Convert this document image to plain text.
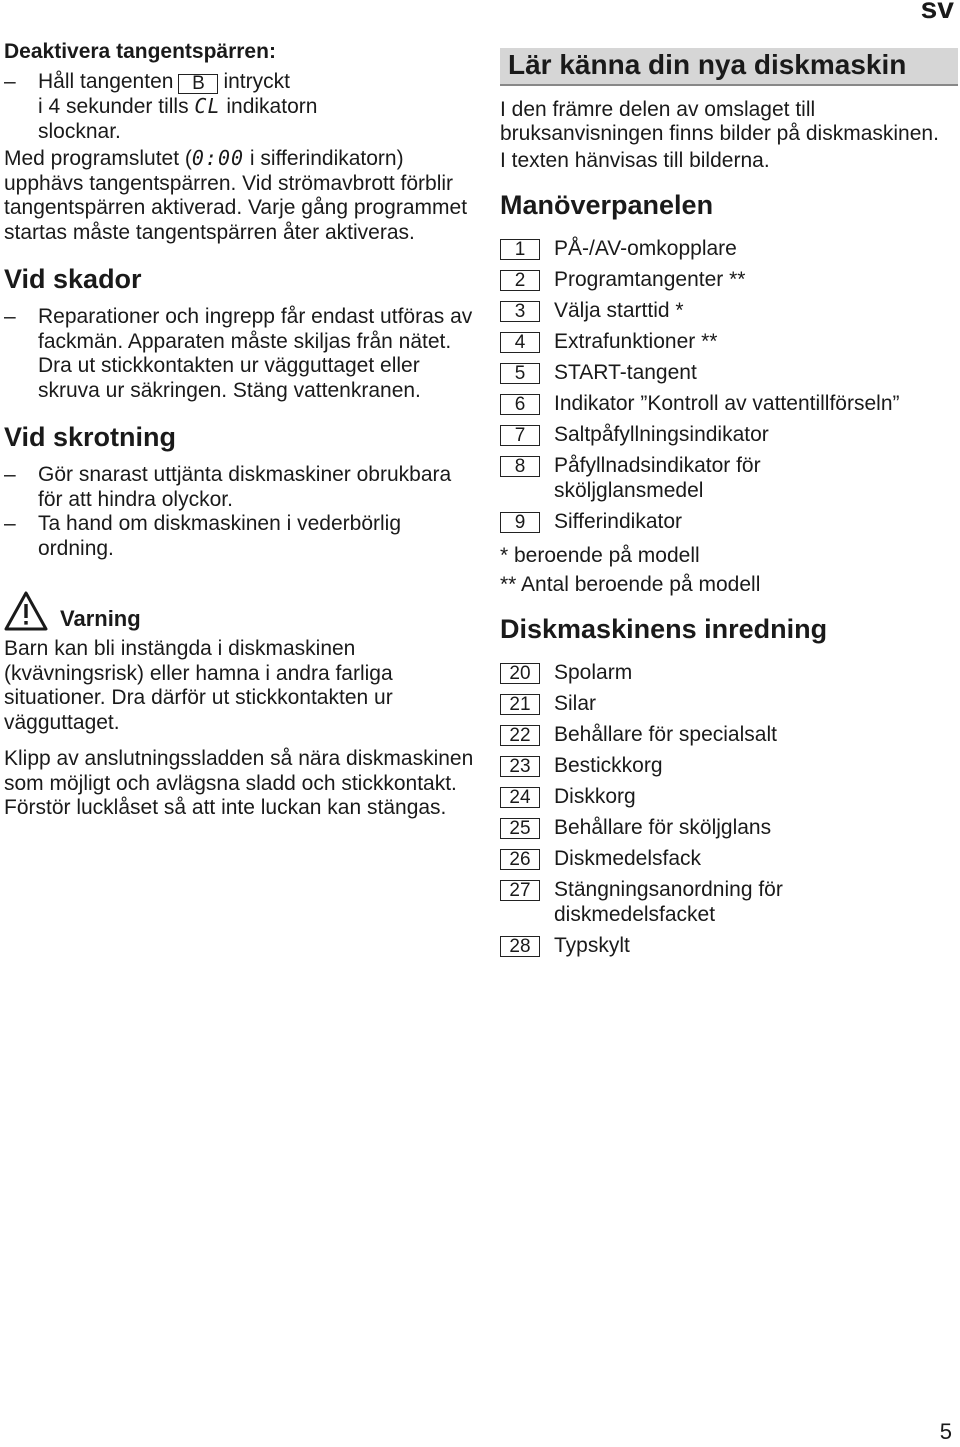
sv
Deaktivera tangentspärren:
–	Håll tangenten B intryckt
i 4 sekunder tills CL indikatorn
slocknar.

Med programslutet (0:00 i sifferindikatorn) upphävs tangentspärren. Vid strömavbrott förblir tangentspärren aktiverad. Varje gång programmet startas måste tangentspärren åter aktiveras.

Vid skador
–	Reparationer och ingrepp får endast utföras av fackmän. Apparaten måste skiljas från nätet. Dra ut stickkontakten ur vägguttaget eller skruva ur säkringen. Stäng vattenkranen.
Vid skrotning
–	Gör snarast uttjänta diskmaskiner obrukbara för att hindra olyckor.
–	Ta hand om diskmaskinen i vederbörlig ordning.
Varning

Barn kan bli instängda i diskmaskinen (kvävningsrisk) eller hamna i andra farliga situationer. Dra därför ut stickkontakten ur vägguttaget.

Klipp av anslutningssladden så nära diskmaskinen som möjligt och avlägsna sladd och stickkontakt. Förstör lucklåset så att inte luckan kan stängas.

Lär känna din nya diskmaskin

I den främre delen av omslaget till bruksanvisningen finns bilder på diskmaskinen.

I texten hänvisas till bilderna.

Manöverpanelen
1	PÅ-/AV-omkopplare
2	Programtangenter **
3	Välja starttid *
4	Extrafunktioner **
5	START-tangent
6	Indikator ”Kontroll av vattentillförseln”
7	Saltpåfyllningsindikator
8	Påfyllnadsindikator för sköljglansmedel
9	Sifferindikator

* beroende på modell

** Antal beroende på modell

Diskmaskinens inredning
20	Spolarm
21	Silar
22	Behållare för specialsalt
23	Bestickkorg
24	Diskkorg
25	Behållare för sköljglans
26	Diskmedelsfack
27	Stängningsanordning för diskmedelsfacket
28	Typskylt
5
